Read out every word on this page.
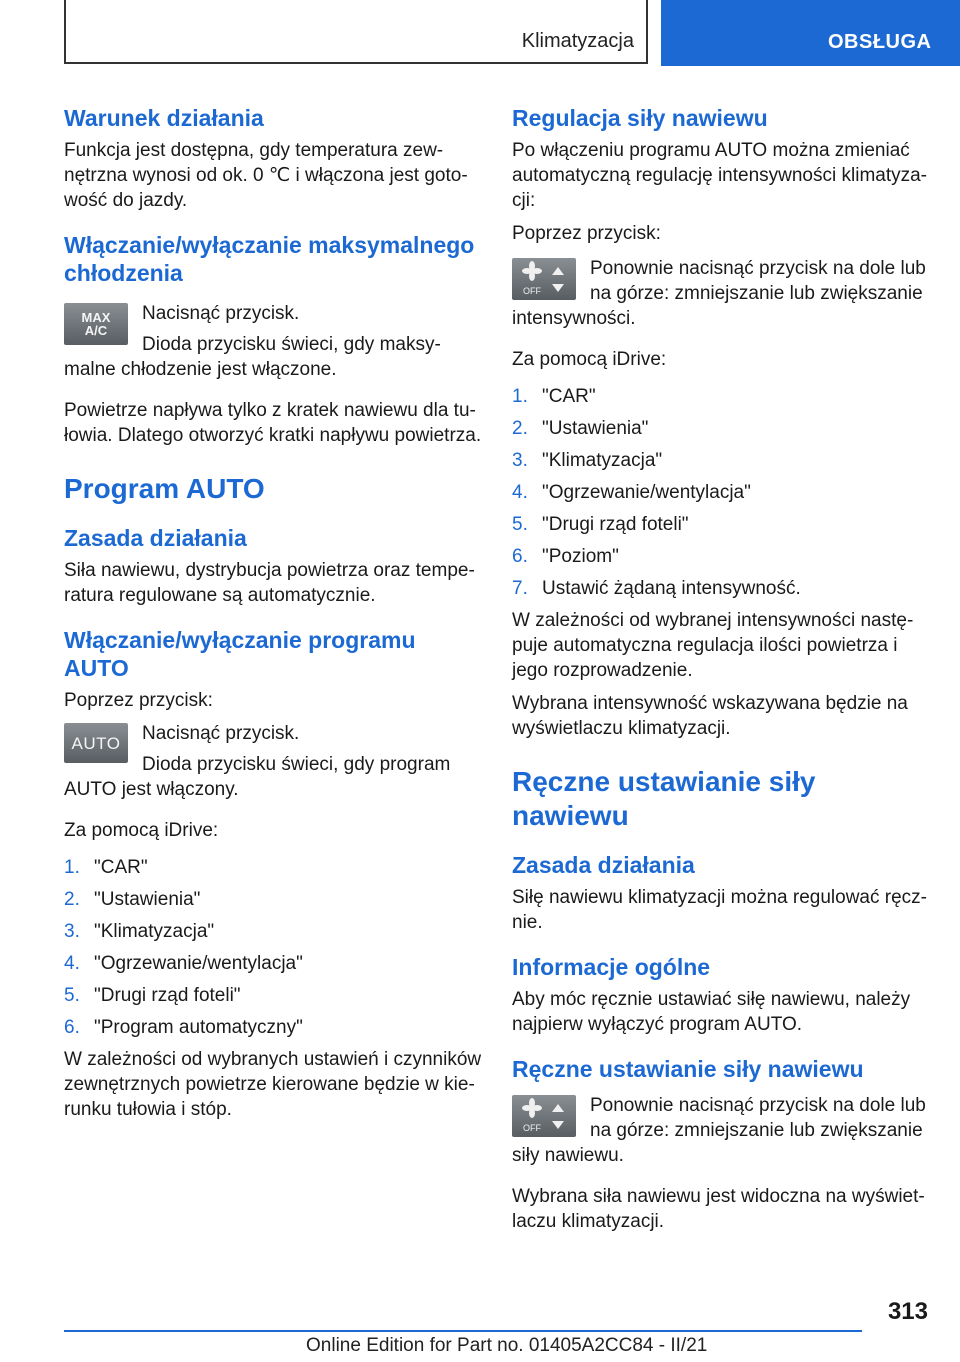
Klimatyzacja	OBSŁUGA
Warunek działania

Funkcja jest dostępna, gdy temperatura zew-nętrzna wynosi od ok. 0 ℃ i włączona jest goto-wość do jazdy.

Włączanie/wyłączanie maksymalnego chłodzenia
MAX
A/C

Nacisnąć przycisk.

Dioda przycisku świeci, gdy maksy-

malne chłodzenie jest włączone.

Powietrze napływa tylko z kratek nawiewu dla tu-łowia. Dlatego otworzyć kratki napływu powietrza.

Program AUTO
Zasada działania

Siła nawiewu, dystrybucja powietrza oraz tempe-ratura regulowane są automatycznie.

Włączanie/wyłączanie programu AUTO

Poprzez przycisk:

AUTO	Nacisnąć przycisk.

Dioda przycisku świeci, gdy program

AUTO jest włączony.

Za pomocą iDrive:

1. "CAR"
2. "Ustawienia"
3. "Klimatyzacja"
4. "Ogrzewanie/wentylacja"
5. "Drugi rząd foteli"
6. "Program automatyczny"

W zależności od wybranych ustawień i czynników zewnętrznych powietrze kierowane będzie w kie-runku tułowia i stóp.

Regulacja siły nawiewu

Po włączeniu programu AUTO można zmieniać automatyczną regulację intensywności klimatyza-cji:

Poprzez przycisk:

OFF

Ponownie nacisnąć przycisk na dole lub na górze: zmniejszanie lub zwiększanie

intensywności.

Za pomocą iDrive:

1. "CAR"
2. "Ustawienia"
3. "Klimatyzacja"
4. "Ogrzewanie/wentylacja"
5. "Drugi rząd foteli"
6. "Poziom"
7. Ustawić żądaną intensywność.

W zależności od wybranej intensywności nastę-puje automatyczna regulacja ilości powietrza i jego rozprowadzenie.

Wybrana intensywność wskazywana będzie na wyświetlaczu klimatyzacji.

Ręczne ustawianie siły nawiewu
Zasada działania

Siłę nawiewu klimatyzacji można regulować ręcz-nie.

Informacje ogólne

Aby móc ręcznie ustawiać siłę nawiewu, należy najpierw wyłączyć program AUTO.

Ręczne ustawianie siły nawiewu
OFF

Ponownie nacisnąć przycisk na dole lub na górze: zmniejszanie lub zwiększanie

siły nawiewu.

Wybrana siła nawiewu jest widoczna na wyświet-laczu klimatyzacji.

313
Online Edition for Part no. 01405A2CC84 - II/21
